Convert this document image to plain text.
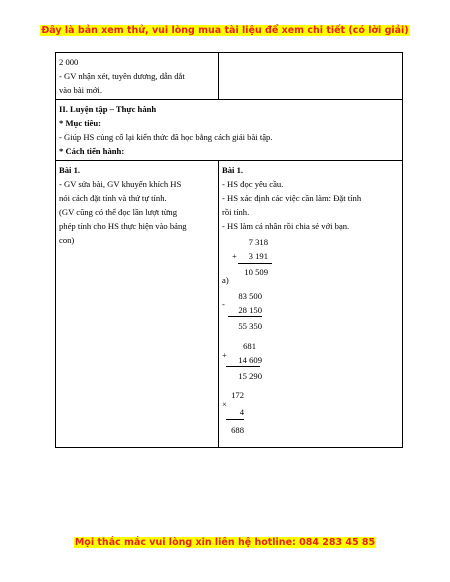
Đây là bản xem thử, vui lòng mua tài liệu để xem chi tiết (có lời giải)
2 000
- GV nhận xét, tuyên dương, dẫn dắt
vào bài mới.
II. Luyện tập – Thực hành
* Mục tiêu:
- Giúp HS củng cố lại kiến thức đã học bằng cách giải bài tập.
* Cách tiến hành:
Bài 1.
- GV sửa bài, GV khuyến khích HS
nói cách đặt tính và thứ tự tính.
(GV cũng có thể đọc lần lượt từng
phép tính cho HS thực hiện vào bảng
con)
Bài 1.
- HS đọc yêu cầu.
- HS xác định các việc cần làm: Đặt tính
rồi tính.
- HS làm cá nhân rồi chia sẻ với bạn.
+
7 318
3 191
10 509
a)
83 500
-
28 150
55 350
681
+	14 609
15 290
172
×
4
688
Mọi thắc mắc vui lòng xin liên hệ hotline: 084 283 45 85
